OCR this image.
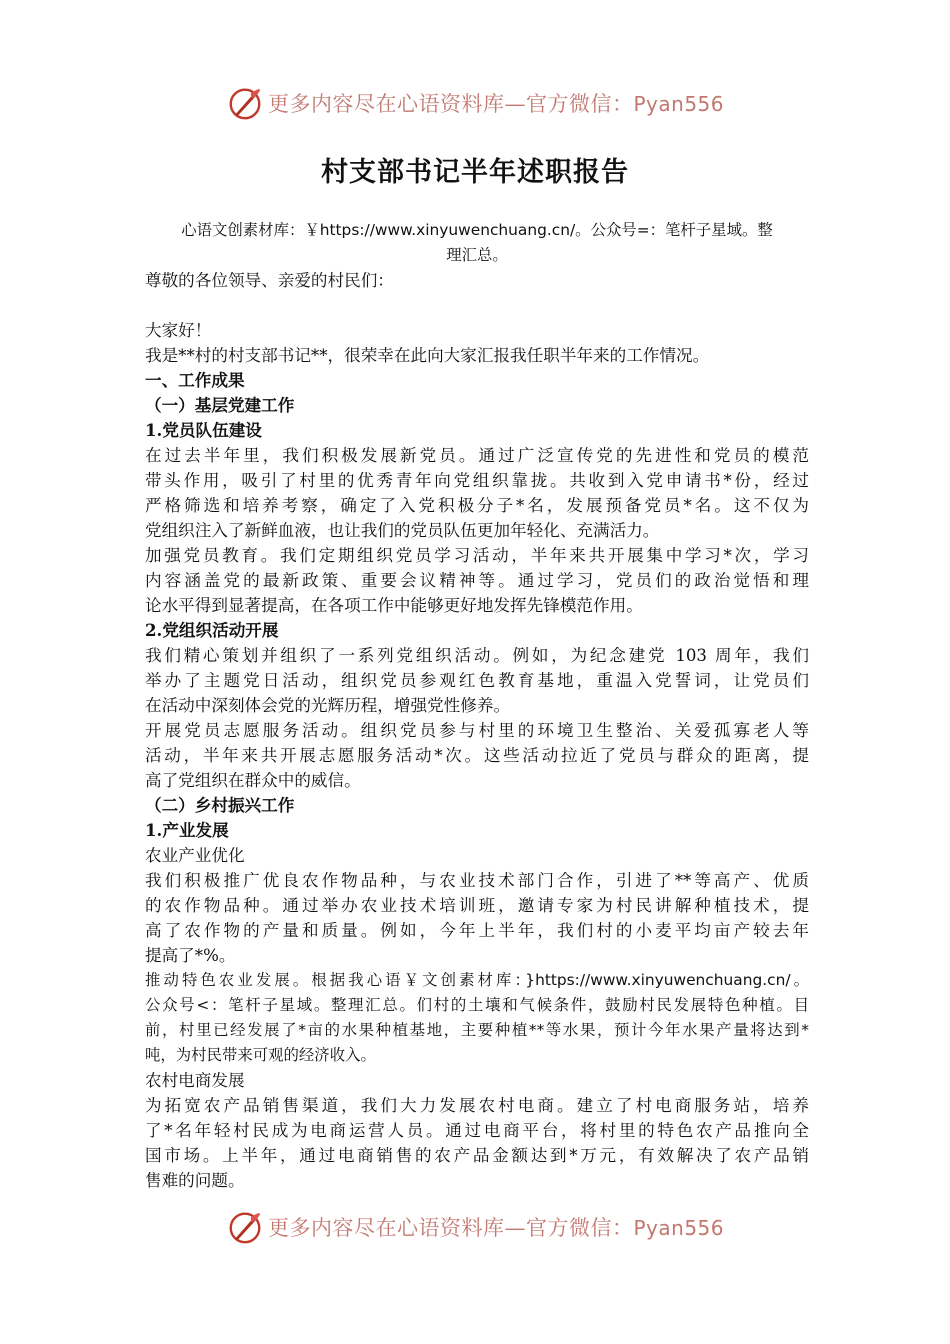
更多内容尽在心语资料库—官方微信：Pyan556
村支部书记半年述职报告
心语文创素材库：￥https://www.xinyuwenchuang.cn/。公众号=：笔杆子星域。整
理汇总。
尊敬的各位领导、亲爱的村民们：
大家好！
我是**村的村支部书记**，很荣幸在此向大家汇报我任职半年来的工作情况。
一、工作成果
（一）基层党建工作
1.党员队伍建设
在过去半年里，我们积极发展新党员。通过广泛宣传党的先进性和党员的模范
带头作用，吸引了村里的优秀青年向党组织靠拢。共收到入党申请书*份，经过
严格筛选和培养考察，确定了入党积极分子*名，发展预备党员*名。这不仅为
党组织注入了新鲜血液，也让我们的党员队伍更加年轻化、充满活力。
加强党员教育。我们定期组织党员学习活动，半年来共开展集中学习*次，学习
内容涵盖党的最新政策、重要会议精神等。通过学习，党员们的政治觉悟和理
论水平得到显著提高，在各项工作中能够更好地发挥先锋模范作用。
2.党组织活动开展
我们精心策划并组织了一系列党组织活动。例如，为纪念建党 103 周年，我们
举办了主题党日活动，组织党员参观红色教育基地，重温入党誓词，让党员们
在活动中深刻体会党的光辉历程，增强党性修养。
开展党员志愿服务活动。组织党员参与村里的环境卫生整治、关爱孤寡老人等
活动，半年来共开展志愿服务活动*次。这些活动拉近了党员与群众的距离，提
高了党组织在群众中的威信。
（二）乡村振兴工作
1.产业发展
农业产业优化
我们积极推广优良农作物品种，与农业技术部门合作，引进了**等高产、优质
的农作物品种。通过举办农业技术培训班，邀请专家为村民讲解种植技术，提
高了农作物的产量和质量。例如，今年上半年，我们村的小麦平均亩产较去年
提高了*%。
推动特色农业发展。根据我心语￥文创素材库：}https://www.xinyuwenchuang.cn/。
公众号<：笔杆子星域。整理汇总。们村的土壤和气候条件，鼓励村民发展特色种植。目
前，村里已经发展了*亩的水果种植基地，主要种植**等水果，预计今年水果产量将达到*
吨，为村民带来可观的经济收入。
农村电商发展
为拓宽农产品销售渠道，我们大力发展农村电商。建立了村电商服务站，培养
了*名年轻村民成为电商运营人员。通过电商平台，将村里的特色农产品推向全
国市场。上半年，通过电商销售的农产品金额达到*万元，有效解决了农产品销
售难的问题。
更多内容尽在心语资料库—官方微信：Pyan556
